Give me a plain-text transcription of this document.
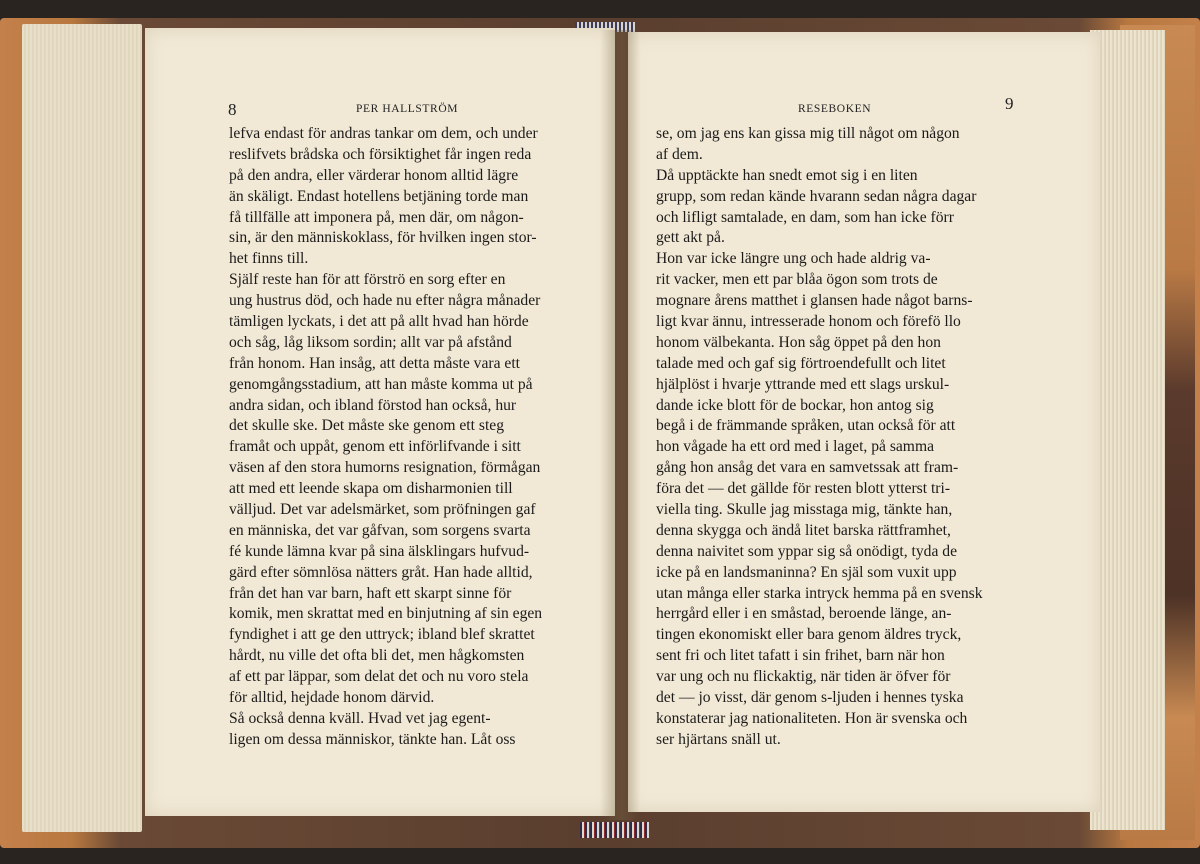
8	PER HALLSTRÖM	RESEBOKEN	9
lefva endast för andras tankar om dem, och under
reslifvets brådska och försiktighet får ingen reda
på den andra, eller värderar honom alltid lägre
än skäligt. Endast hotellens betjäning torde man
få tillfälle att imponera på, men där, om någon-
sin, är den människoklass, för hvilken ingen stor-
het finns till.
Själf reste han för att förströ en sorg efter en
ung hustrus död, och hade nu efter några månader
tämligen lyckats, i det att på allt hvad han hörde
och såg, låg liksom sordin; allt var på afstånd
från honom. Han insåg, att detta måste vara ett
genomgångsstadium, att han måste komma ut på
andra sidan, och ibland förstod han också, hur
det skulle ske. Det måste ske genom ett steg
framåt och uppåt, genom ett införlifvande i sitt
väsen af den stora humorns resignation, förmågan
att med ett leende skapa om disharmonien till
välljud. Det var adelsmärket, som pröfningen gaf
en människa, det var gåfvan, som sorgens svarta
fé kunde lämna kvar på sina älsklingars hufvud-
gärd efter sömnlösa nätters gråt. Han hade alltid,
från det han var barn, haft ett skarpt sinne för
komik, men skrattat med en binjutning af sin egen
fyndighet i att ge den uttryck; ibland blef skrattet
hårdt, nu ville det ofta bli det, men hågkomsten
af ett par läppar, som delat det och nu voro stela
för alltid, hejdade honom därvid.
Så också denna kväll. Hvad vet jag egent-
ligen om dessa människor, tänkte han. Låt oss
se, om jag ens kan gissa mig till något om någon
af dem.
Då upptäckte han snedt emot sig i en liten
grupp, som redan kände hvarann sedan några dagar
och lifligt samtalade, en dam, som han icke förr
gett akt på.
Hon var icke längre ung och hade aldrig va-
rit vacker, men ett par blåa ögon som trots de
mognare årens matthet i glansen hade något barns-
ligt kvar ännu, intresserade honom och förefö llo
honom välbekanta. Hon såg öppet på den hon
talade med och gaf sig förtroendefullt och litet
hjälplöst i hvarje yttrande med ett slags urskul-
dande icke blott för de bockar, hon antog sig
begå i de främmande språken, utan också för att
hon vågade ha ett ord med i laget, på samma
gång hon ansåg det vara en samvetssak att fram-
föra det — det gällde för resten blott ytterst tri-
viella ting. Skulle jag misstaga mig, tänkte han,
denna skygga och ändå litet barska rättframhet,
denna naivitet som yppar sig så onödigt, tyda de
icke på en landsmaninna? En själ som vuxit upp
utan många eller starka intryck hemma på en svensk
herrgård eller i en småstad, beroende länge, an-
tingen ekonomiskt eller bara genom äldres tryck,
sent fri och litet tafatt i sin frihet, barn när hon
var ung och nu flickaktig, när tiden är öfver för
det — jo visst, där genom s-ljuden i hennes tyska
konstaterar jag nationaliteten. Hon är svenska och
ser hjärtans snäll ut.
